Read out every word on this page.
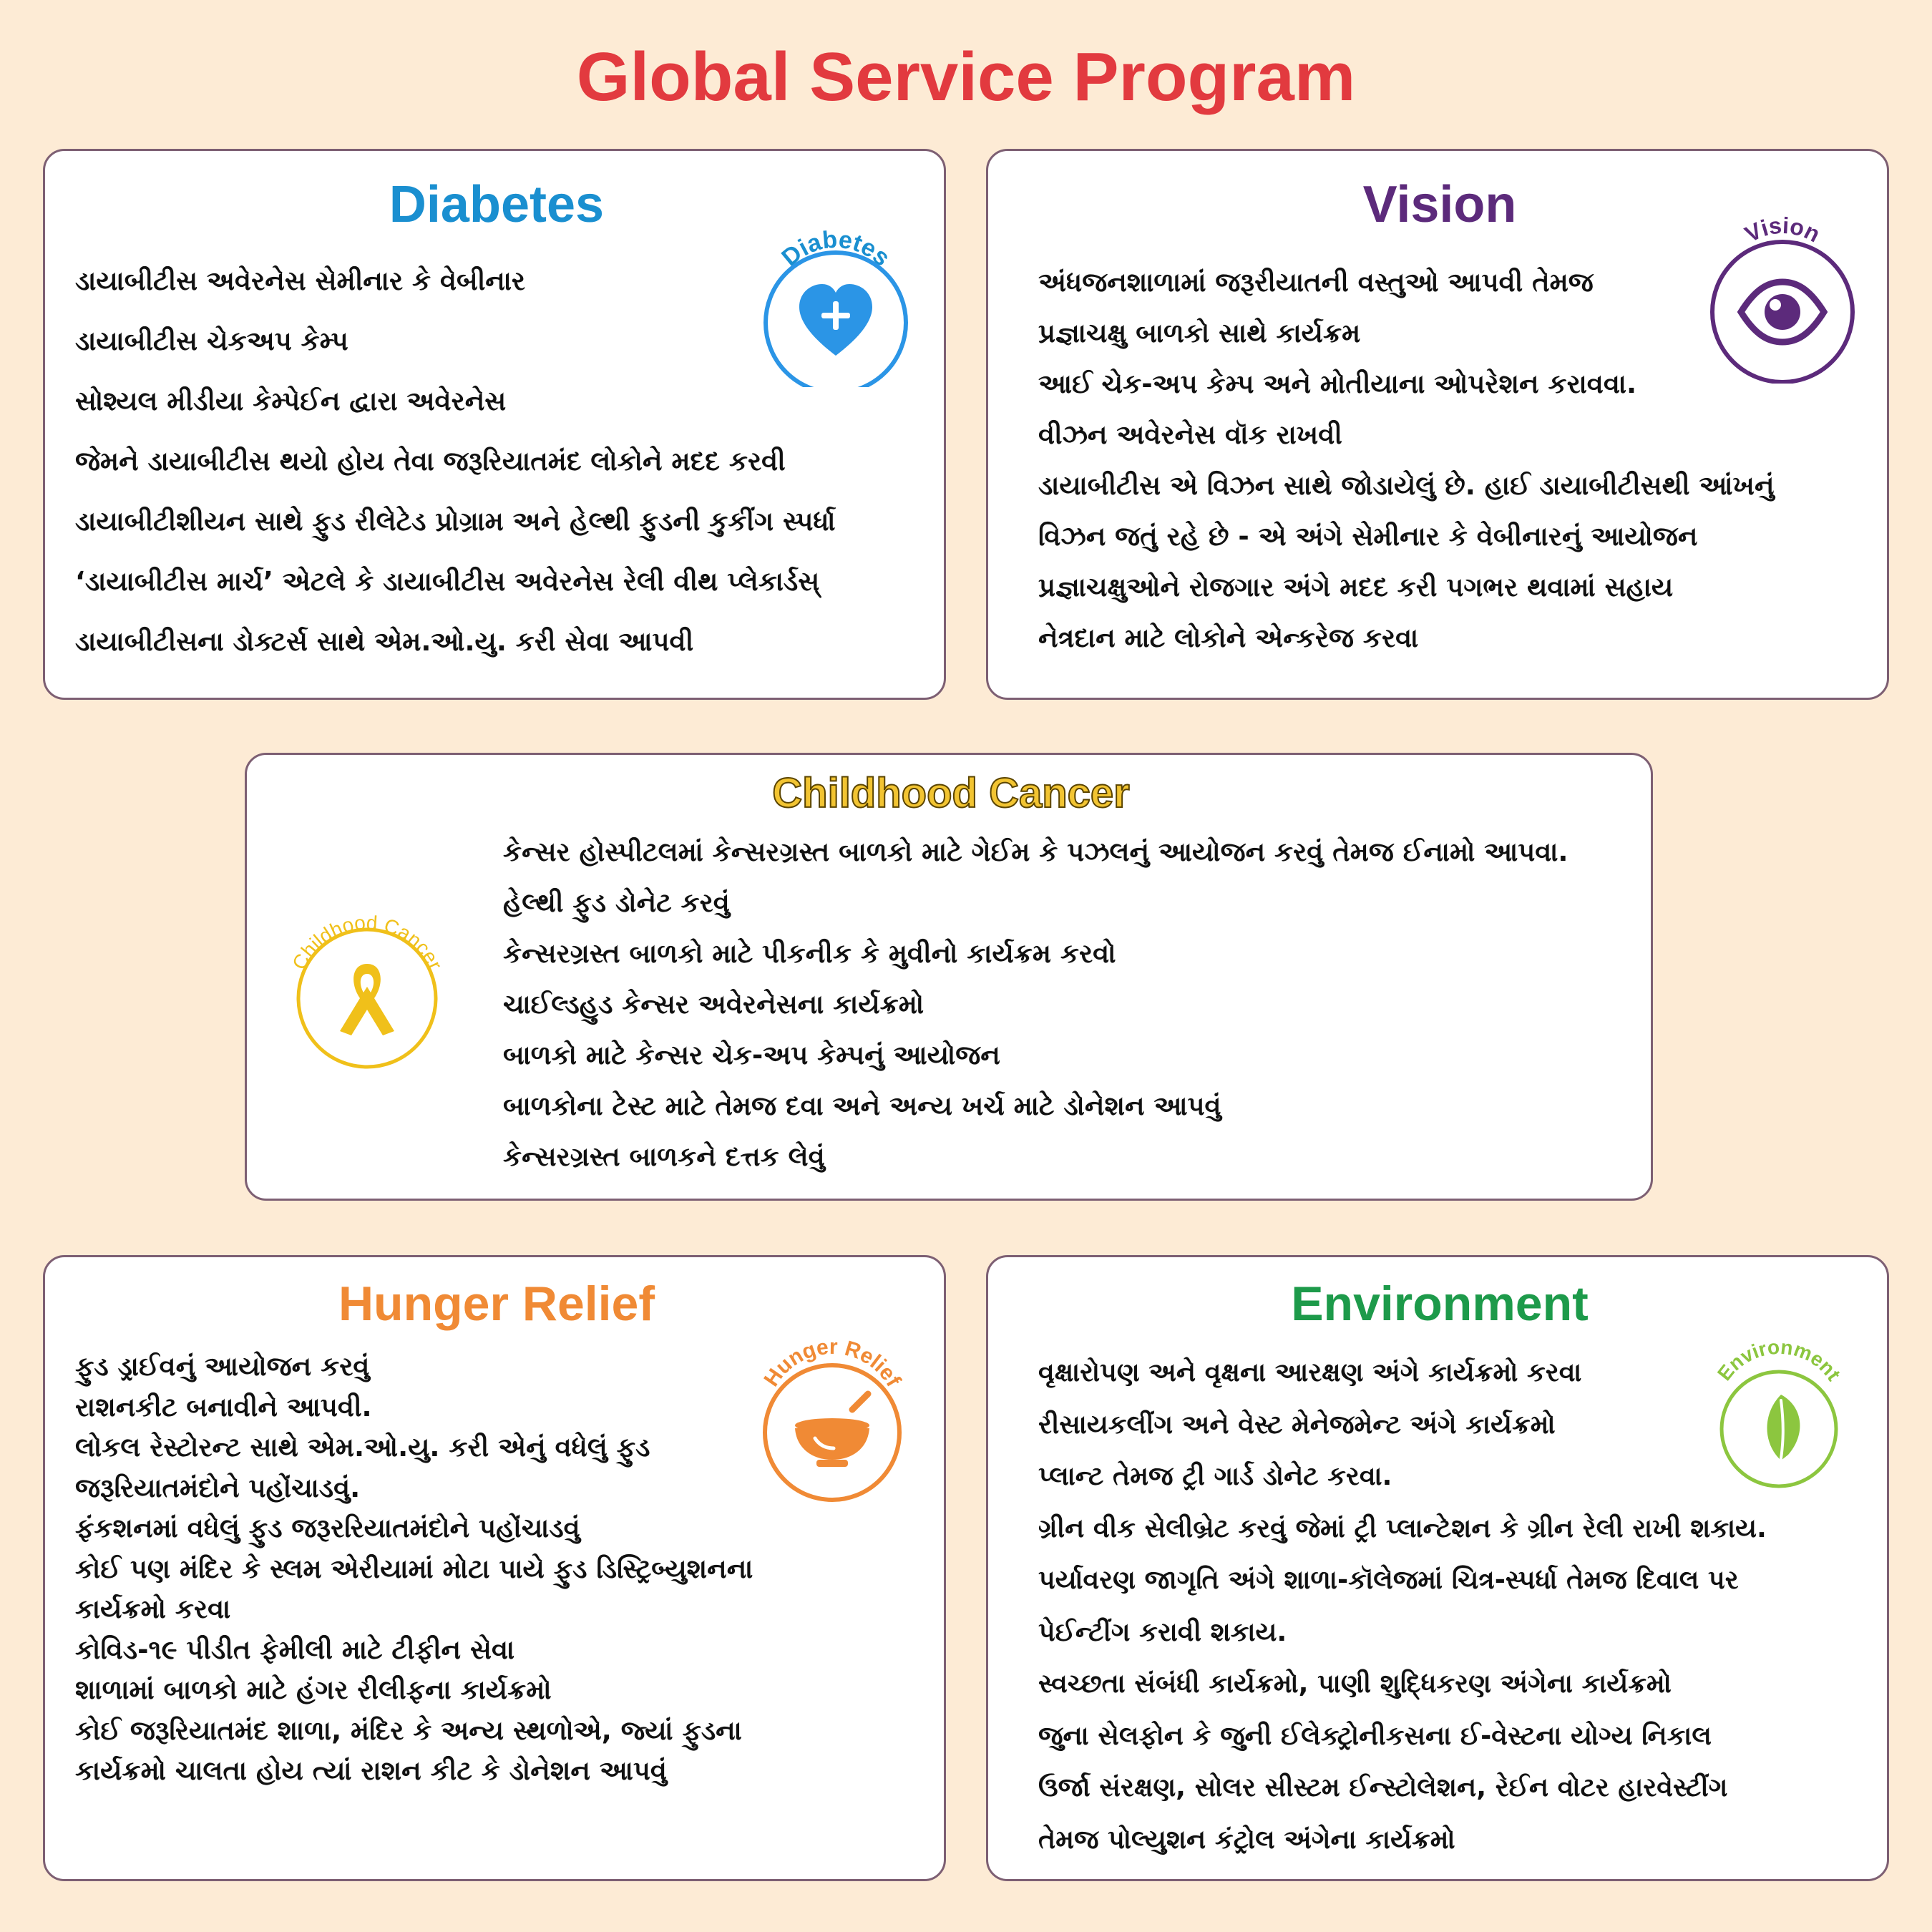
Global Service Program
Diabetes
ડાયાબીટીસ અવેરનેસ સેમીનાર કે વેબીનાર
ડાયાબીટીસ ચેકઅપ કેમ્પ
સોશ્યલ મીડીયા કેમ્પેઈન દ્વારા અવેરનેસ
જેમને ડાયાબીટીસ થયો હોય તેવા જરૂરિયાતમંદ લોકોને મદદ કરવી
ડાયાબીટીશીયન સાથે ફુડ રીલેટેડ પ્રોગ્રામ અને હેલ્થી ફુડની કુકીંગ સ્પર્ધા
‘ડાયાબીટીસ માર્ચ’ એટલે કે ડાયાબીટીસ અવેરનેસ રેલી વીથ પ્લેકાર્ડસ્
ડાયાબીટીસના ડોક્ટર્સ સાથે એમ.ઓ.યુ. કરી સેવા આપવી
Diabetes
Vision
અંધજનશાળામાં જરૂરીયાતની વસ્તુઓ આપવી તેમજ
પ્રજ્ઞાચક્ષુ બાળકો સાથે કાર્યક્રમ
આઈ ચેક-અપ કેમ્પ અને મોતીયાના ઓપરેશન કરાવવા.
વીઝન અવેરનેસ વૉક રાખવી
ડાયાબીટીસ એ વિઝન સાથે જોડાયેલું છે. હાઈ ડાયાબીટીસથી આંખનું
વિઝન જતું રહે છે - એ અંગે સેમીનાર કે વેબીનારનું આયોજન
પ્રજ્ઞાચક્ષુઓને રોજગાર અંગે મદદ કરી પગભર થવામાં સહાય
નેત્રદાન માટે લોકોને એન્કરેજ કરવા
Vision
Childhood Cancer
કેન્સર હોસ્પીટલમાં કેન્સરગ્રસ્ત બાળકો માટે ગેઈમ કે પઝલનું આયોજન કરવું તેમજ ઈનામો આપવા.
હેલ્થી ફુડ ડોનેટ કરવું
કેન્સરગ્રસ્ત બાળકો માટે પીકનીક કે મુવીનો કાર્યક્રમ કરવો
ચાઈલ્ડહુડ કેન્સર અવેરનેસના કાર્યક્રમો
બાળકો માટે કેન્સર ચેક-અપ કેમ્પનું આયોજન
બાળકોના ટેસ્ટ માટે તેમજ દવા અને અન્ય ખર્ચ માટે ડોનેશન આપવું
કેન્સરગ્રસ્ત બાળકને દત્તક લેવું
Childhood Cancer
Hunger Relief
ફુડ ડ્રાઈવનું આયોજન કરવું
રાશનકીટ બનાવીને આપવી.
લોકલ રેસ્ટોરન્ટ સાથે એમ.ઓ.યુ. કરી એનું વધેલું ફુડ
જરૂરિયાતમંદોને પહોંચાડવું.
ફંકશનમાં વધેલું ફુડ જરૂરરિયાતમંદોને પહોંચાડવું
કોઈ પણ મંદિર કે સ્લમ એરીયામાં મોટા પાયે ફુડ ડિસ્ટ્રિબ્યુશનના
કાર્યક્રમો કરવા
કોવિડ-૧૯ પીડીત ફેમીલી માટે ટીફીન સેવા
શાળામાં બાળકો માટે હંગર રીલીફના કાર્યક્રમો
કોઈ જરૂરિયાતમંદ શાળા, મંદિર કે અન્ય સ્થળોએ, જ્યાં ફુડના
કાર્યક્રમો ચાલતા હોય ત્યાં રાશન કીટ કે ડોનેશન આપવું
Hunger Relief
Environment
વૃક્ષારોપણ અને વૃક્ષના આરક્ષણ અંગે કાર્યક્રમો કરવા
રીસાયકલીંગ અને વેસ્ટ મેનેજમેન્ટ અંગે કાર્યક્રમો
પ્લાન્ટ તેમજ ટ્રી ગાર્ડ ડોનેટ કરવા.
ગ્રીન વીક સેલીબ્રેટ કરવું જેમાં ટ્રી પ્લાન્ટેશન કે ગ્રીન રેલી રાખી શકાય.
પર્યાવરણ જાગૃતિ અંગે શાળા-કૉલેજમાં ચિત્ર-સ્પર્ધા તેમજ દિવાલ પર
પેઈન્ટીંગ કરાવી શકાય.
સ્વચ્છતા સંબંધી કાર્યક્રમો, પાણી શુદ્ધિકરણ અંગેના કાર્યક્રમો
જુના સેલફોન કે જુની ઈલેક્ટ્રોનીકસના ઈ-વેસ્ટના યોગ્ય નિકાલ
ઉર્જા સંરક્ષણ, સોલર સીસ્ટમ ઈન્સ્ટોલેશન, રેઈન વોટર હારવેસ્ટીંગ
તેમજ પોલ્યુશન કંટ્રોલ અંગેના કાર્યક્રમો
Environment
